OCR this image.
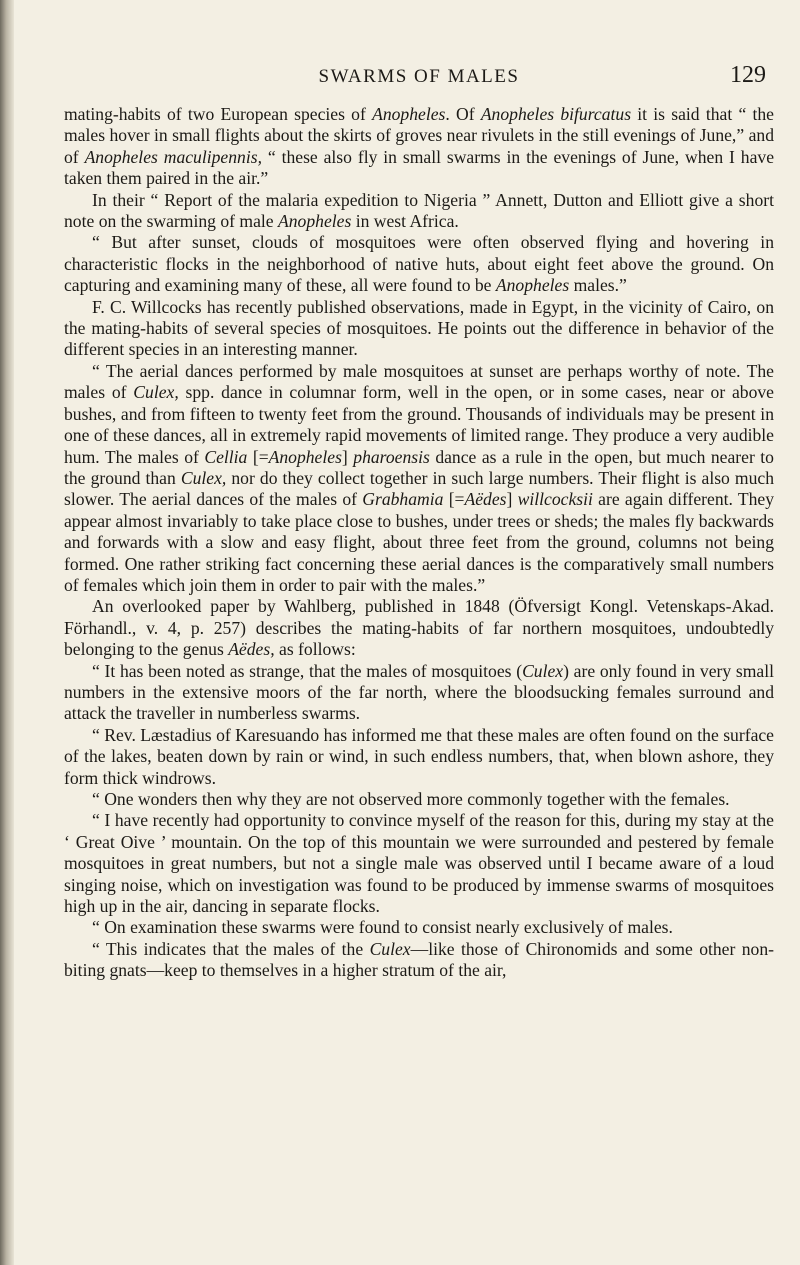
SWARMS OF MALES	129

mating-habits of two European species of Anopheles. Of Anopheles bifurcatus it is said that “ the males hover in small flights about the skirts of groves near rivulets in the still evenings of June,” and of Anopheles maculipennis, “ these also fly in small swarms in the evenings of June, when I have taken them paired in the air.”

In their “ Report of the malaria expedition to Nigeria ” Annett, Dutton and Elliott give a short note on the swarming of male Anopheles in west Africa.

“ But after sunset, clouds of mosquitoes were often observed flying and hovering in characteristic flocks in the neighborhood of native huts, about eight feet above the ground. On capturing and examining many of these, all were found to be Anopheles males.”

F. C. Willcocks has recently published observations, made in Egypt, in the vicinity of Cairo, on the mating-habits of several species of mosquitoes. He points out the difference in behavior of the different species in an interesting manner.

“ The aerial dances performed by male mosquitoes at sunset are perhaps worthy of note. The males of Culex, spp. dance in columnar form, well in the open, or in some cases, near or above bushes, and from fifteen to twenty feet from the ground. Thousands of individuals may be present in one of these dances, all in extremely rapid movements of limited range. They produce a very audible hum. The males of Cellia [=Anopheles] pharoensis dance as a rule in the open, but much nearer to the ground than Culex, nor do they collect together in such large numbers. Their flight is also much slower. The aerial dances of the males of Grabhamia [=Aëdes] willcocksii are again different. They appear almost invariably to take place close to bushes, under trees or sheds; the males fly backwards and forwards with a slow and easy flight, about three feet from the ground, columns not being formed. One rather striking fact concerning these aerial dances is the comparatively small numbers of females which join them in order to pair with the males.”

An overlooked paper by Wahlberg, published in 1848 (Öfversigt Kongl. Vetenskaps-Akad. Förhandl., v. 4, p. 257) describes the mating-habits of far northern mosquitoes, undoubtedly belonging to the genus Aëdes, as follows:

“ It has been noted as strange, that the males of mosquitoes (Culex) are only found in very small numbers in the extensive moors of the far north, where the bloodsucking females surround and attack the traveller in numberless swarms.

“ Rev. Læstadius of Karesuando has informed me that these males are often found on the surface of the lakes, beaten down by rain or wind, in such endless numbers, that, when blown ashore, they form thick windrows.

“ One wonders then why they are not observed more commonly together with the females.

“ I have recently had opportunity to convince myself of the reason for this, during my stay at the ‘ Great Oive ’ mountain. On the top of this mountain we were surrounded and pestered by female mosquitoes in great numbers, but not a single male was observed until I became aware of a loud singing noise, which on investigation was found to be produced by immense swarms of mosquitoes high up in the air, dancing in separate flocks.

“ On examination these swarms were found to consist nearly exclusively of males.

“ This indicates that the males of the Culex—like those of Chironomids and some other non-biting gnats—keep to themselves in a higher stratum of the air,
